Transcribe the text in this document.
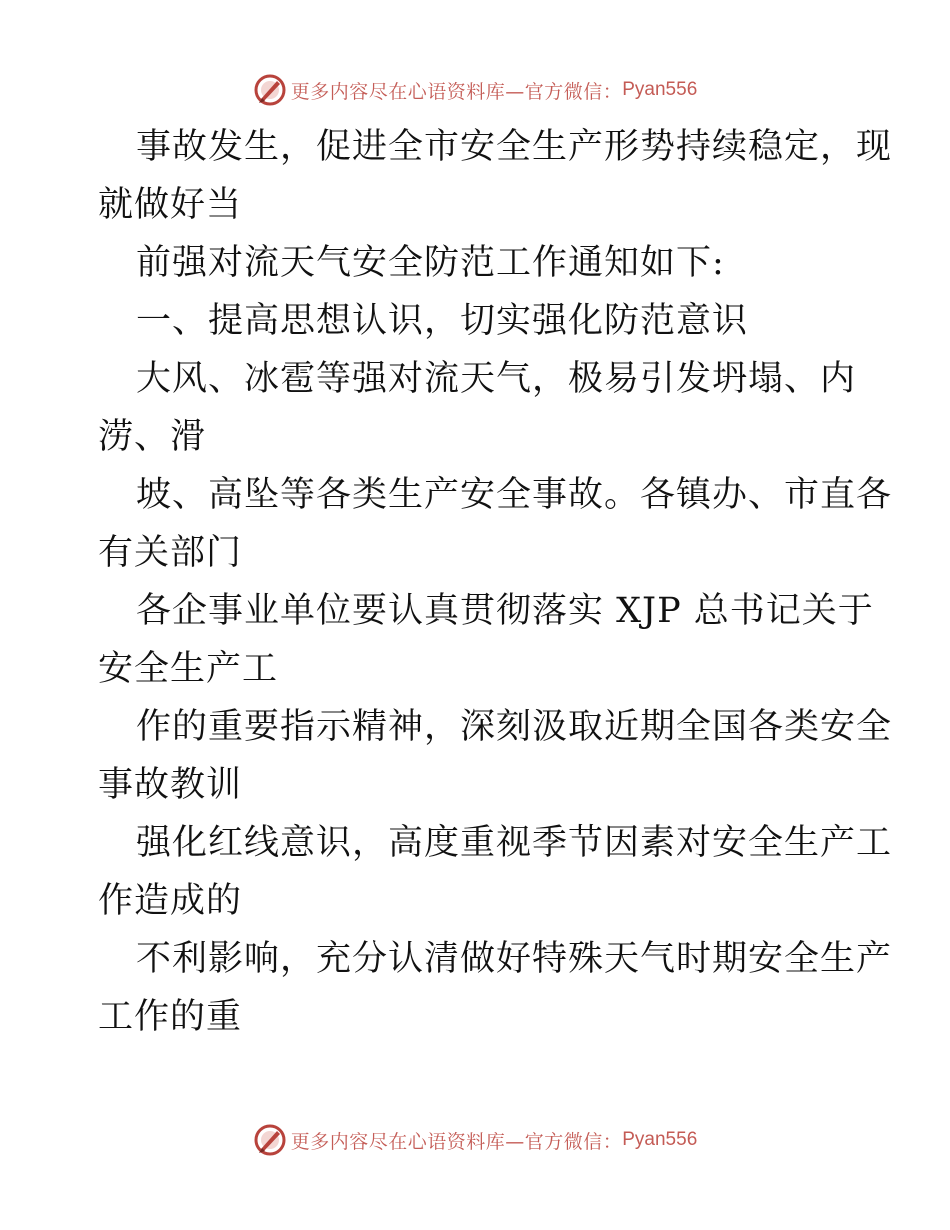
更多内容尽在心语资料库—官方微信： Pyan556
事故发生，促进全市安全生产形势持续稳定，现
就做好当
前强对流天气安全防范工作通知如下:
一、提高思想认识，切实强化防范意识
大风、冰雹等强对流天气，极易引发坍塌、内
涝、滑
坡、高坠等各类生产安全事故。各镇办、市直各
有关部门
各企事业单位要认真贯彻落实 XJP 总书记关于
安全生产工
作的重要指示精神，深刻汲取近期全国各类安全
事故教训
强化红线意识，高度重视季节因素对安全生产工
作造成的
不利影响，充分认清做好特殊天气时期安全生产
工作的重
更多内容尽在心语资料库—官方微信： Pyan556
